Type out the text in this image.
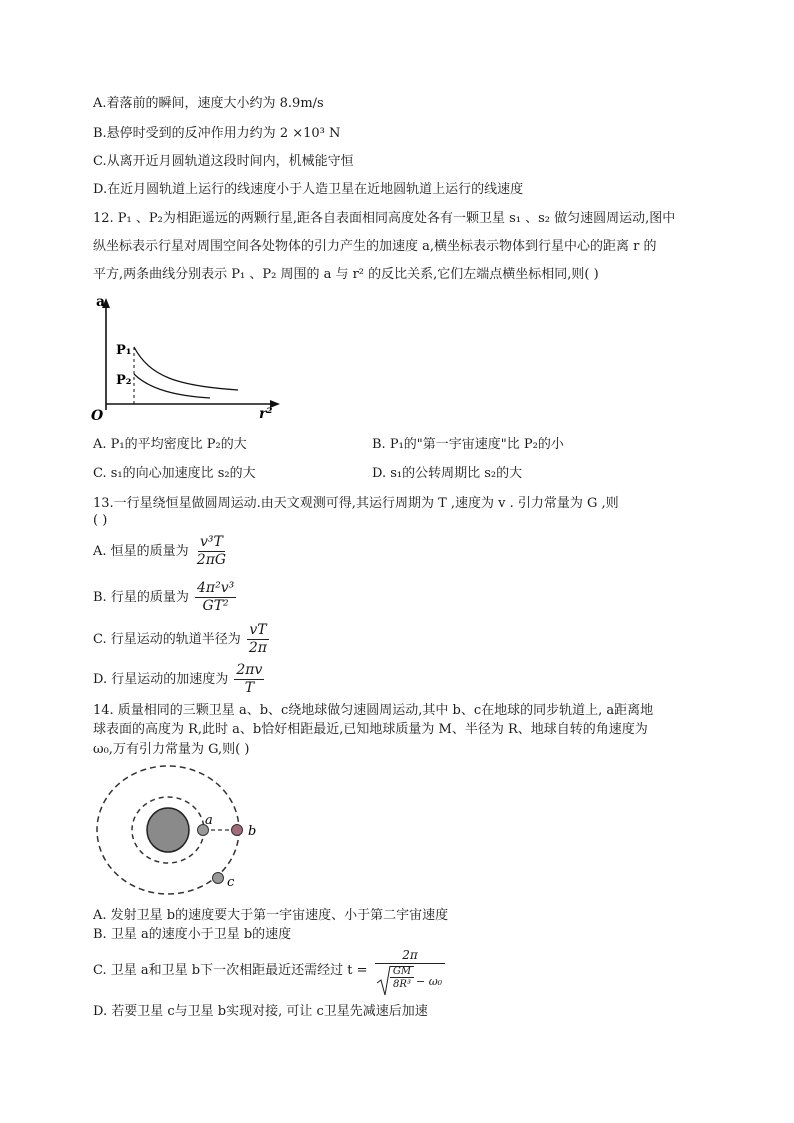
A.着落前的瞬间，速度大小约为 8.9m/s
B.悬停时受到的反冲作用力约为 2 ×10³ N
C.从离开近月圆轨道这段时间内，机械能守恒
D.在近月圆轨道上运行的线速度小于人造卫星在近地圆轨道上运行的线速度
12. P₁ 、P₂为相距遥远的两颗行星,距各自表面相同高度处各有一颗卫星 s₁ 、s₂ 做匀速圆周运动,图中
纵坐标表示行星对周围空间各处物体的引力产生的加速度 a,横坐标表示物体到行星中心的距离 r 的
平方,两条曲线分别表示 P₁ 、P₂ 周围的 a 与 r² 的反比关系,它们左端点横坐标相同,则( )
a
r²
O
P₁
P₂
A. P₁的平均密度比 P₂的大	B. P₁的"第一宇宙速度"比 P₂的小
C. s₁的向心加速度比 s₂的大	D. s₁的公转周期比 s₂的大
13.一行星绕恒星做圆周运动.由天文观测可得,其运行周期为 T ,速度为 v . 引力常量为 G ,则
( )
A. 恒星的质量为 $\frac{\text{v³T}}{2\pi G}$
B. 行星的质量为 $\frac{\text{4π²v³}}{\text{GT²}}$
C. 行星运动的轨道半径为 $\frac{vT}{2\pi}$
D. 行星运动的加速度为 $\frac{2\pi v}{T}$
14. 质量相同的三颗卫星 a、b、c绕地球做匀速圆周运动,其中 b、c在地球的同步轨道上, a距离地
球表面的高度为 R,此时 a、b恰好相距最近,已知地球质量为 M、半径为 R、地球自转的角速度为
ω₀,万有引力常量为 G,则( )
a
b
c
A. 发射卫星 b的速度要大于第一宇宙速度、小于第二宇宙速度
B. 卫星 a的速度小于卫星 b的速度
C. 卫星 a和卫星 b下一次相距最近还需经过 t =
2π
GM
8R³ − ω₀
D. 若要卫星 c与卫星 b实现对接, 可让 c卫星先减速后加速
